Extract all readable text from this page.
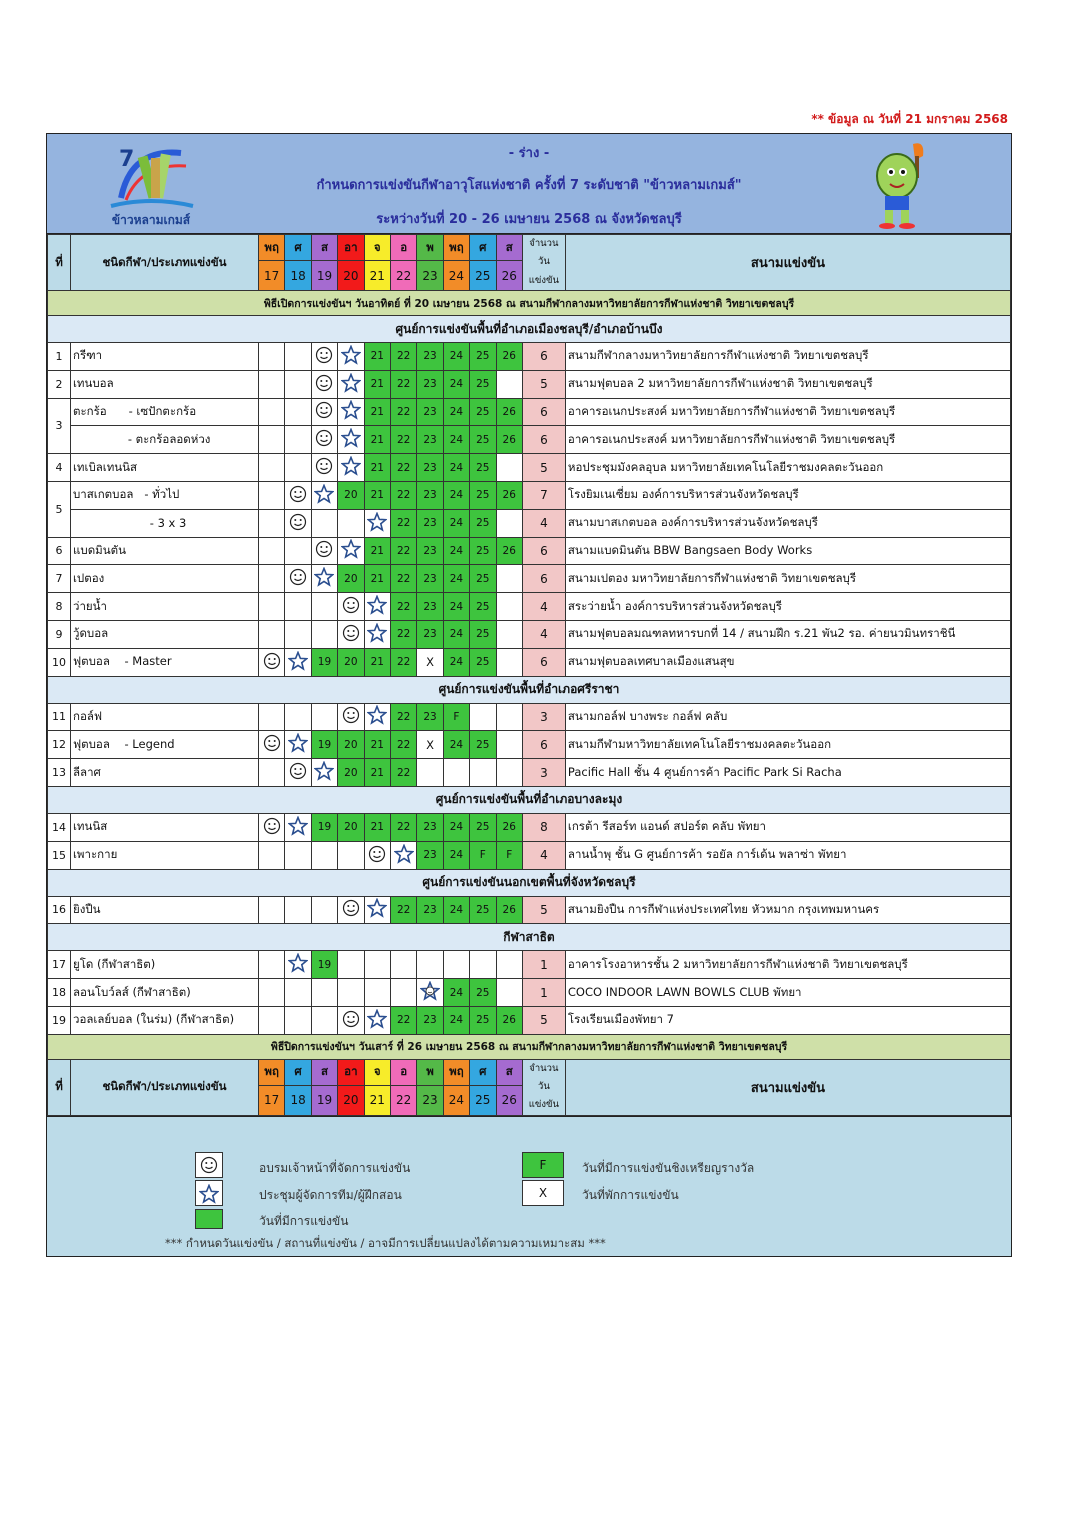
** ข้อมูล ณ วันที่ 21 มกราคม 2568
7
ข้าวหลามเกมส์
- ร่าง -
กำหนดการแข่งขันกีฬาอาวุโสแห่งชาติ ครั้งที่ 7 ระดับชาติ "ข้าวหลามเกมส์"
ระหว่างวันที่ 20 - 26 เมษายน 2568 ณ จังหวัดชลบุรี
ที่	ชนิดกีฬา/ประเภทแข่งขัน	พฤ	ศ	ส	อา	จ	อ	พ	พฤ	ศ	ส	จำนวน
วัน
แข่งขัน	สนามแข่งขัน
		17	18	19	20	21	22	23	24	25	26		
พิธีเปิดการแข่งขันฯ วันอาทิตย์ ที่ 20 เมษายน 2568 ณ สนามกีฬากลางมหาวิทยาลัยการกีฬาแห่งชาติ วิทยาเขตชลบุรี													
ศูนย์การแข่งขันพื้นที่อำเภอเมืองชลบุรี/อำเภอบ้านบึง													
1	กรีฑา					21	22	23	24	25	26	6	สนามกีฬากลางมหาวิทยาลัยการกีฬาแห่งชาติ วิทยาเขตชลบุรี
2	เทนบอล					21	22	23	24	25		5	สนามฟุตบอล 2 มหาวิทยาลัยการกีฬาแห่งชาติ วิทยาเขตชลบุรี
3	ตะกร้อ      - เซปักตะกร้อ					21	22	23	24	25	26	6	อาคารอเนกประสงค์ มหาวิทยาลัยการกีฬาแห่งชาติ วิทยาเขตชลบุรี
	- ตะกร้อลอดห่วง					21	22	23	24	25	26	6	อาคารอเนกประสงค์ มหาวิทยาลัยการกีฬาแห่งชาติ วิทยาเขตชลบุรี
4	เทเบิลเทนนิส					21	22	23	24	25		5	หอประชุมมังคลอุบล มหาวิทยาลัยเทคโนโลยีราชมงคลตะวันออก
5	บาสเกตบอล   - ทั่วไป				20	21	22	23	24	25	26	7	โรงยิมเนเซี่ยม องค์การบริหารส่วนจังหวัดชลบุรี
	- 3 x 3						22	23	24	25		4	สนามบาสเกตบอล องค์การบริหารส่วนจังหวัดชลบุรี
6	แบดมินตัน					21	22	23	24	25	26	6	สนามแบดมินตัน BBW Bangsaen Body Works
7	เปตอง				20	21	22	23	24	25		6	สนามเปตอง มหาวิทยาลัยการกีฬาแห่งชาติ วิทยาเขตชลบุรี
8	ว่ายน้ำ						22	23	24	25		4	สระว่ายน้ำ องค์การบริหารส่วนจังหวัดชลบุรี
9	วู้ดบอล						22	23	24	25		4	สนามฟุตบอลมณฑลทหารบกที่ 14 / สนามฝึก ร.21 พัน2 รอ. ค่ายนวมินทราชินี
10	ฟุตบอล    - Master			19	20	21	22	X	24	25		6	สนามฟุตบอลเทศบาลเมืองแสนสุข
ศูนย์การแข่งขันพื้นที่อำเภอศรีราชา													
11	กอล์ฟ						22	23	F			3	สนามกอล์ฟ บางพระ กอล์ฟ คลับ
12	ฟุตบอล    - Legend			19	20	21	22	X	24	25		6	สนามกีฬามหาวิทยาลัยเทคโนโลยีราชมงคลตะวันออก
13	ลีลาศ				20	21	22					3	Pacific Hall ชั้น 4 ศูนย์การค้า Pacific Park Si Racha
ศูนย์การแข่งขันพื้นที่อำเภอบางละมุง													
14	เทนนิส			19	20	21	22	23	24	25	26	8	เกรต้า รีสอร์ท แอนด์ สปอร์ต คลับ พัทยา
15	เพาะกาย							23	24	F	F	4	ลานน้ำพุ ชั้น G ศูนย์การค้า รอยัล การ์เด้น พลาซ่า พัทยา
ศูนย์การแข่งขันนอกเขตพื้นที่จังหวัดชลบุรี													
16	ยิงปืน						22	23	24	25	26	5	สนามยิงปืน การกีฬาแห่งประเทศไทย หัวหมาก กรุงเทพมหานคร
กีฬาสาธิต													
17	ยูโด (กีฬาสาธิต)			19								1	อาคารโรงอาหารชั้น 2 มหาวิทยาลัยการกีฬาแห่งชาติ วิทยาเขตชลบุรี
18	ลอนโบว์ลส์ (กีฬาสาธิต)								24	25		1	COCO INDOOR LAWN BOWLS CLUB พัทยา
19	วอลเลย์บอล (ในร่ม) (กีฬาสาธิต)						22	23	24	25	26	5	โรงเรียนเมืองพัทยา 7
พิธีปิดการแข่งขันฯ วันเสาร์ ที่ 26 เมษายน 2568 ณ สนามกีฬากลางมหาวิทยาลัยการกีฬาแห่งชาติ วิทยาเขตชลบุรี													
ที่	ชนิดกีฬา/ประเภทแข่งขัน	พฤ	ศ	ส	อา	จ	อ	พ	พฤ	ศ	ส	จำนวน
วัน
แข่งขัน	สนามแข่งขัน
		17	18	19	20	21	22	23	24	25	26		
อบรมเจ้าหน้าที่จัดการแข่งขัน
ประชุมผู้จัดการทีม/ผู้ฝึกสอน
วันที่มีการแข่งขัน
F	วันที่มีการแข่งขันชิงเหรียญรางวัล
X	วันที่พักการแข่งขัน
*** กำหนดวันแข่งขัน / สถานที่แข่งขัน / อาจมีการเปลี่ยนแปลงได้ตามความเหมาะสม ***
